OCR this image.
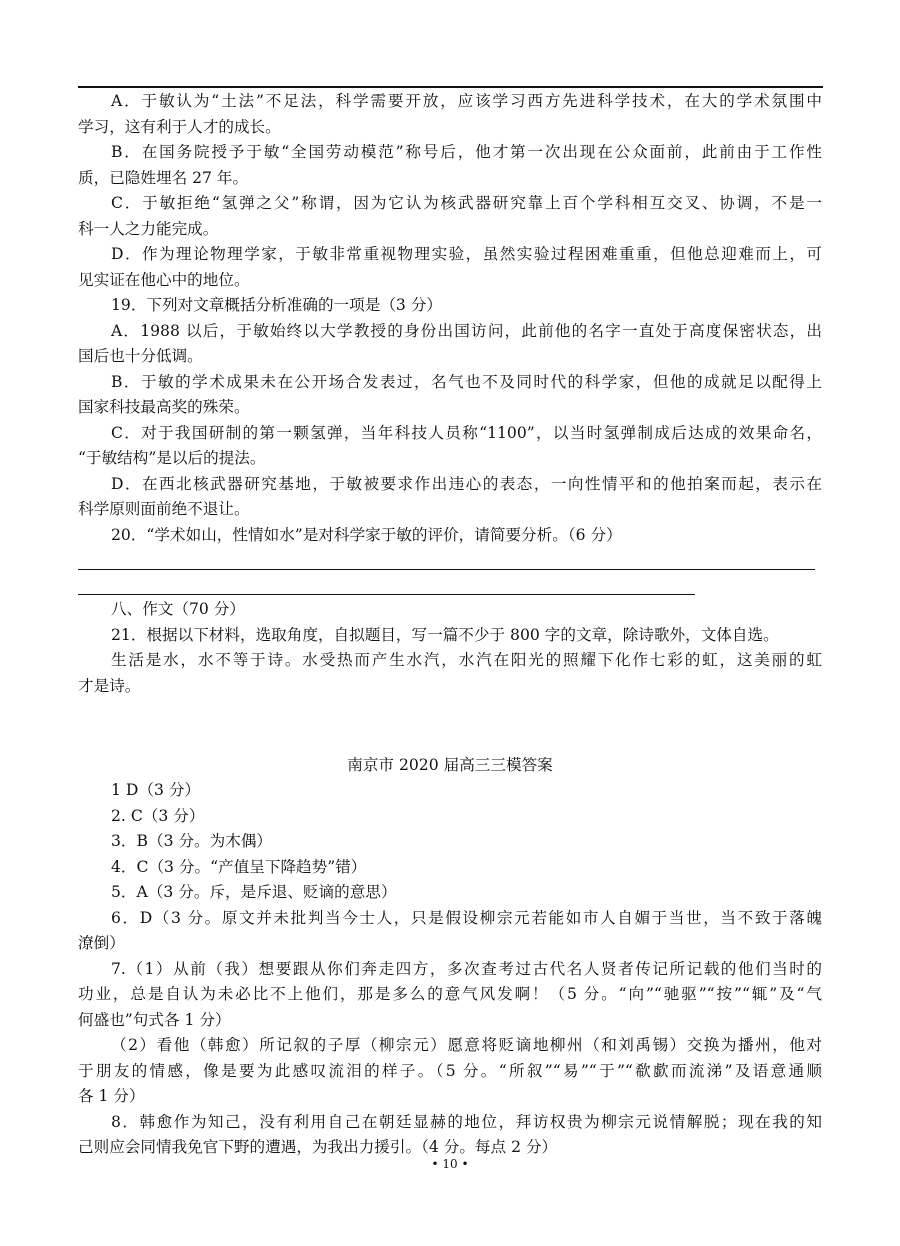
A．于敏认为“土法”不足法，科学需要开放，应该学习西方先进科学技术，在大的学术氛围中
学习，这有利于人才的成长。
B．在国务院授予于敏“全国劳动模范”称号后，他才第一次出现在公众面前，此前由于工作性
质，已隐姓埋名 27 年。
C．于敏拒绝“氢弹之父”称谓，因为它认为核武器研究靠上百个学科相互交叉、协调，不是一
科一人之力能完成。
D．作为理论物理学家，于敏非常重视物理实验，虽然实验过程困难重重，但他总迎难而上，可
见实证在他心中的地位。
19．下列对文章概括分析准确的一项是（3 分）
A．1988 以后，于敏始终以大学教授的身份出国访问，此前他的名字一直处于高度保密状态，出
国后也十分低调。
B．于敏的学术成果未在公开场合发表过，名气也不及同时代的科学家，但他的成就足以配得上
国家科技最高奖的殊荣。
C．对于我国研制的第一颗氢弹，当年科技人员称“1100”，以当时氢弹制成后达成的效果命名，
“于敏结构”是以后的提法。
D．在西北核武器研究基地，于敏被要求作出违心的表态，一向性情平和的他拍案而起，表示在
科学原则面前绝不退让。
20．“学术如山，性情如水”是对科学家于敏的评价，请简要分析。（6 分）
八、作文（70 分）
21．根据以下材料，选取角度，自拟题目，写一篇不少于 800 字的文章，除诗歌外，文体自选。
生活是水，水不等于诗。水受热而产生水汽，水汽在阳光的照耀下化作七彩的虹，这美丽的虹
才是诗。
南京市 2020 届高三三模答案
1 D（3 分）
2. C（3 分）
3．B（3 分。为木偶）
4．C（3 分。“产值呈下降趋势”错）
5．A（3 分。斥，是斥退、贬谪的意思）
6．D（3 分。原文并未批判当今士人，只是假设柳宗元若能如市人自媚于当世，当不致于落魄
潦倒）
7.（1）从前（我）想要跟从你们奔走四方，多次查考过古代名人贤者传记所记载的他们当时的
功业，总是自认为未必比不上他们，那是多么的意气风发啊！（5 分。“向”“驰驱”“按”“辄”及“气
何盛也”句式各 1 分）
（2）看他（韩愈）所记叙的子厚（柳宗元）愿意将贬谪地柳州（和刘禹锡）交换为播州，他对
于朋友的情感，像是要为此感叹流泪的样子。（5 分。“所叙”“易”“于”“欷歔而流涕”及语意通顺
各 1 分）
8．韩愈作为知己，没有利用自己在朝廷显赫的地位，拜访权贵为柳宗元说情解脱；现在我的知
己则应会同情我免官下野的遭遇，为我出力援引。（4 分。每点 2 分）
• 10 •
